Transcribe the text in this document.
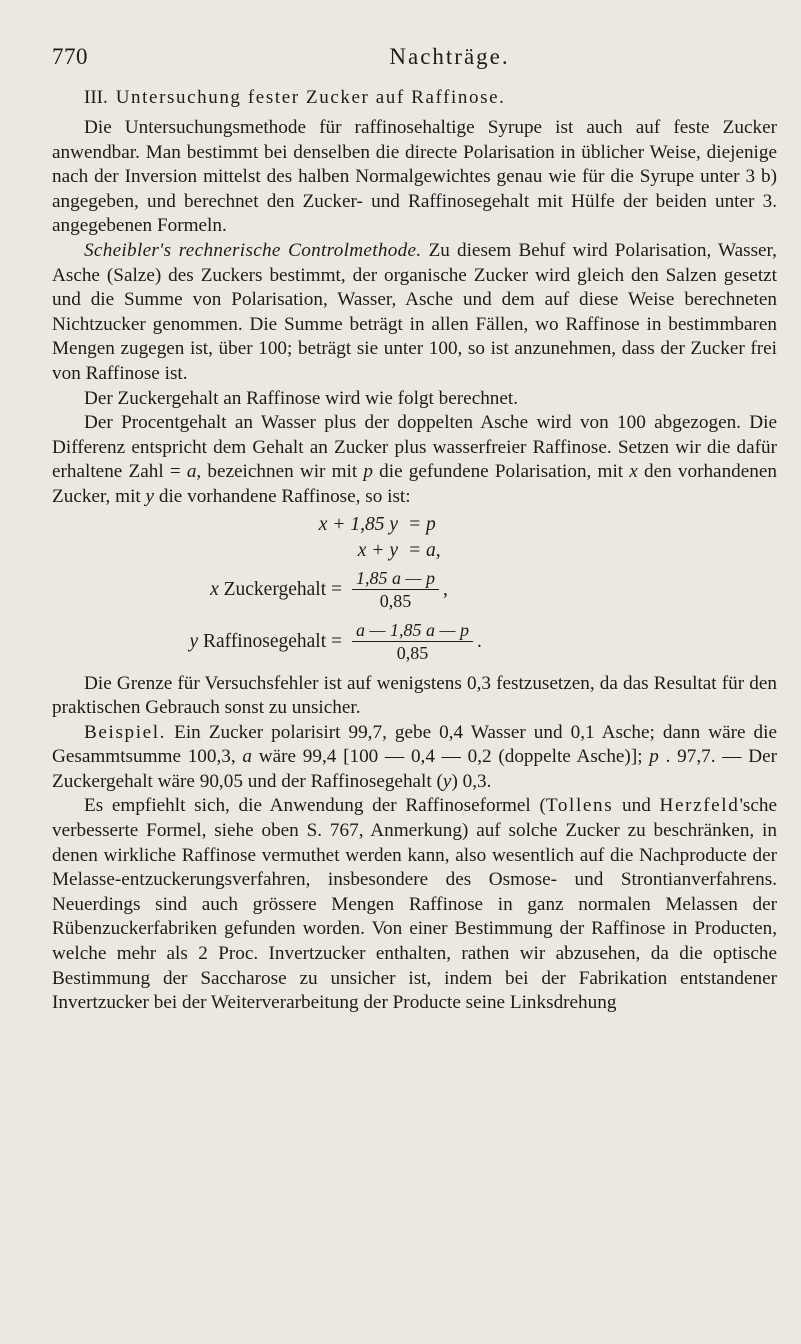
770	Nachträge.
III. Untersuchung fester Zucker auf Raffinose.

Die Untersuchungsmethode für raffinosehaltige Syrupe ist auch auf feste Zucker anwendbar. Man bestimmt bei denselben die directe Polarisation in üblicher Weise, diejenige nach der Inversion mittelst des halben Normalgewichtes genau wie für die Syrupe unter 3 b) angegeben, und berechnet den Zucker- und Raffinosegehalt mit Hülfe der beiden unter 3. angegebenen Formeln.

Scheibler's rechnerische Controlmethode. Zu diesem Behuf wird Polarisation, Wasser, Asche (Salze) des Zuckers bestimmt, der organische Zucker wird gleich den Salzen gesetzt und die Summe von Polarisation, Wasser, Asche und dem auf diese Weise berechneten Nichtzucker genommen. Die Summe beträgt in allen Fällen, wo Raffinose in bestimmbaren Mengen zugegen ist, über 100; beträgt sie unter 100, so ist anzunehmen, dass der Zucker frei von Raffinose ist.

Der Zuckergehalt an Raffinose wird wie folgt berechnet.

Der Procentgehalt an Wasser plus der doppelten Asche wird von 100 abgezogen. Die Differenz entspricht dem Gehalt an Zucker plus wasserfreier Raffinose. Setzen wir die dafür erhaltene Zahl = a, bezeichnen wir mit p die gefundene Polarisation, mit x den vorhandenen Zucker, mit y die vorhandene Raffinose, so ist:

x + 1,85 y = p
x + y = a,
x Zuckergehalt = $\frac{1,85 a — p}{0,85}$ ,
y Raffinosegehalt = $\frac{a — 1,85 a — p}{0,85}$ .

Die Grenze für Versuchsfehler ist auf wenigstens 0,3 festzusetzen, da das Resultat für den praktischen Gebrauch sonst zu unsicher.

Beispiel. Ein Zucker polarisirt 99,7, gebe 0,4 Wasser und 0,1 Asche; dann wäre die Gesammtsumme 100,3, a wäre 99,4 [100 — 0,4 — 0,2 (doppelte Asche)]; p . 97,7. — Der Zuckergehalt wäre 90,05 und der Raffinosegehalt (y) 0,3.

Es empfiehlt sich, die Anwendung der Raffinoseformel (Tollens und Herzfeld'sche verbesserte Formel, siehe oben S. 767, Anmerkung) auf solche Zucker zu beschränken, in denen wirkliche Raffinose vermuthet werden kann, also wesentlich auf die Nachproducte der Melasse-entzuckerungsverfahren, insbesondere des Osmose- und Strontianverfahrens. Neuerdings sind auch grössere Mengen Raffinose in ganz normalen Melassen der Rübenzuckerfabriken gefunden worden. Von einer Bestimmung der Raffinose in Producten, welche mehr als 2 Proc. Invertzucker enthalten, rathen wir abzusehen, da die optische Bestimmung der Saccharose zu unsicher ist, indem bei der Fabrikation entstandener Invertzucker bei der Weiterverarbeitung der Producte seine Linksdrehung
